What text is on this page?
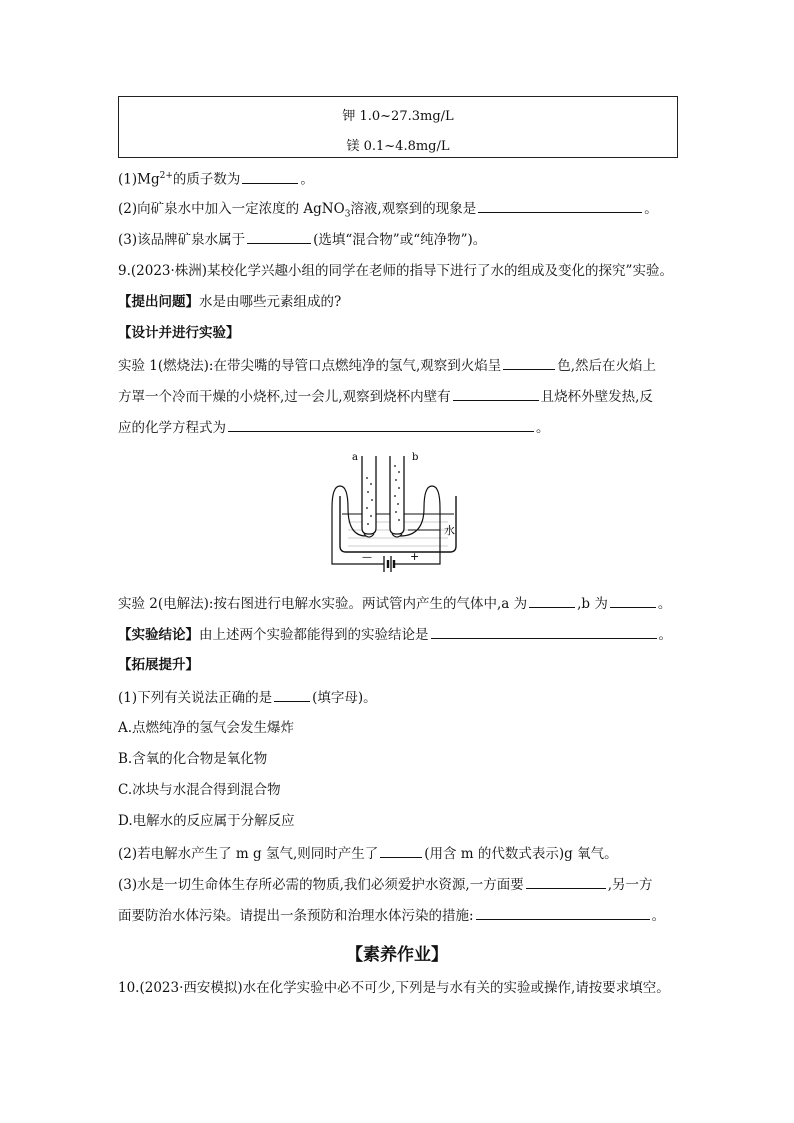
钾 1.0~27.3mg/L
镁 0.1~4.8mg/L
$(1)Mg^{2+}$的质子数为	。
(2)向矿泉水中加入一定浓度的 AgNO$_3$溶液,观察到的现象是	。
(3)该品牌矿泉水属于	(选填“混合物”或“纯净物”)。
9.(2023·株洲)某校化学兴趣小组的同学在老师的指导下进行了水的组成及变化的探究”实验。
【提出问题】水是由哪些元素组成的?
【设计并进行实验】
实验 1(燃烧法):在带尖嘴的导管口点燃纯净的氢气,观察到火焰呈	色,然后在火焰上
方罩一个冷而干燥的小烧杯,过一会儿,观察到烧杯内壁有	且烧杯外壁发热,反
应的化学方程式为	。
a	b
水
—	+
实验 2(电解法):按右图进行电解水实验。两试管内产生的气体中,a 为	,b 为	。
【实验结论】由上述两个实验都能得到的实验结论是	。
【拓展提升】
(1)下列有关说法正确的是	(填字母)。
A.点燃纯净的氢气会发生爆炸
B.含氧的化合物是氧化物
C.冰块与水混合得到混合物
D.电解水的反应属于分解反应
(2)若电解水产生了 m g 氢气,则同时产生了	(用含 m 的代数式表示)g 氧气。
(3)水是一切生命体生存所必需的物质,我们必须爱护水资源,一方面要	,另一方
面要防治水体污染。请提出一条预防和治理水体污染的措施:	。
【素养作业】
10.(2023·西安模拟)水在化学实验中必不可少,下列是与水有关的实验或操作,请按要求填空。
